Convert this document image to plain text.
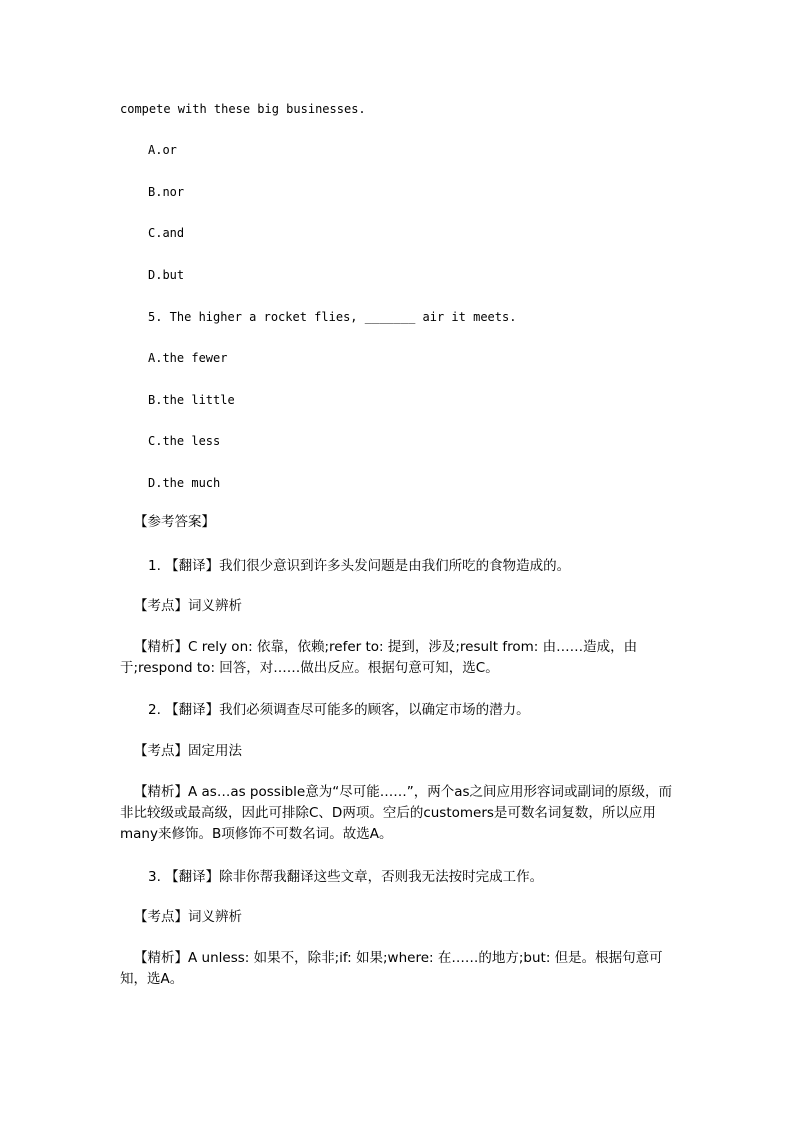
compete with these big businesses.
A.or
B.nor
C.and
D.but
5. The higher a rocket flies, _______ air it meets.
A.the fewer
B.the little
C.the less
D.the much
【参考答案】
1. 【翻译】我们很少意识到许多头发问题是由我们所吃的食物造成的。
【考点】词义辨析
【精析】C rely on: 依靠，依赖;refer to: 提到，涉及;result from: 由……造成，由于;respond to: 回答，对……做出反应。根据句意可知，选C。
2. 【翻译】我们必须调查尽可能多的顾客，以确定市场的潜力。
【考点】固定用法
【精析】A as…as possible意为“尽可能……”，两个as之间应用形容词或副词的原级，而非比较级或最高级，因此可排除C、D两项。空后的customers是可数名词复数，所以应用many来修饰。B项修饰不可数名词。故选A。
3. 【翻译】除非你帮我翻译这些文章，否则我无法按时完成工作。
【考点】词义辨析
【精析】A unless: 如果不，除非;if: 如果;where: 在……的地方;but: 但是。根据句意可知，选A。
